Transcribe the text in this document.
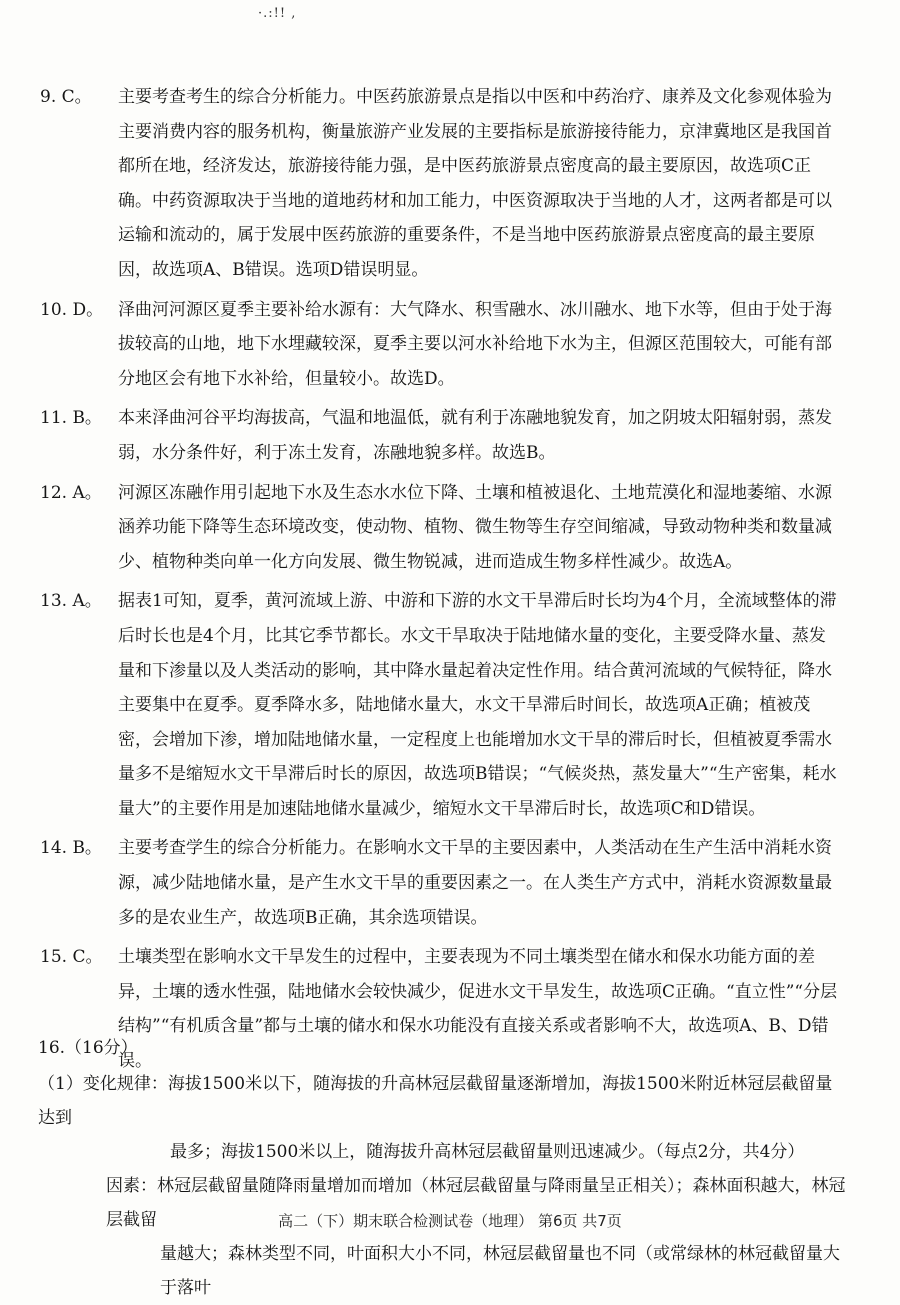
·.:!! ,

9. C。 主要考查考生的综合分析能力。中医药旅游景点是指以中医和中药治疗、康养及文化参观体验为主要消费内容的服务机构，衡量旅游产业发展的主要指标是旅游接待能力，京津冀地区是我国首都所在地，经济发达，旅游接待能力强，是中医药旅游景点密度高的最主要原因，故选项C正确。中药资源取决于当地的道地药材和加工能力，中医资源取决于当地的人才，这两者都是可以运输和流动的，属于发展中医药旅游的重要条件，不是当地中医药旅游景点密度高的最主要原因，故选项A、B错误。选项D错误明显。

10. D。 泽曲河河源区夏季主要补给水源有：大气降水、积雪融水、冰川融水、地下水等，但由于处于海拔较高的山地，地下水埋藏较深，夏季主要以河水补给地下水为主，但源区范围较大，可能有部分地区会有地下水补给，但量较小。故选D。

11. B。 本来泽曲河谷平均海拔高，气温和地温低，就有利于冻融地貌发育，加之阴坡太阳辐射弱，蒸发弱，水分条件好，利于冻土发育，冻融地貌多样。故选B。

12. A。 河源区冻融作用引起地下水及生态水水位下降、土壤和植被退化、土地荒漠化和湿地萎缩、水源涵养功能下降等生态环境改变，使动物、植物、微生物等生存空间缩减，导致动物种类和数量减少、植物种类向单一化方向发展、微生物锐减，进而造成生物多样性减少。故选A。

13. A。 据表1可知，夏季，黄河流域上游、中游和下游的水文干旱滞后时长均为4个月，全流域整体的滞后时长也是4个月，比其它季节都长。水文干旱取决于陆地储水量的变化，主要受降水量、蒸发量和下渗量以及人类活动的影响，其中降水量起着决定性作用。结合黄河流域的气候特征，降水主要集中在夏季。夏季降水多，陆地储水量大，水文干旱滞后时间长，故选项A正确；植被茂密，会增加下渗，增加陆地储水量，一定程度上也能增加水文干旱的滞后时长，但植被夏季需水量多不是缩短水文干旱滞后时长的原因，故选项B错误；“气候炎热，蒸发量大”“生产密集，耗水量大”的主要作用是加速陆地储水量减少，缩短水文干旱滞后时长，故选项C和D错误。

14. B。 主要考查学生的综合分析能力。在影响水文干旱的主要因素中，人类活动在生产生活中消耗水资源，减少陆地储水量，是产生水文干旱的重要因素之一。在人类生产方式中，消耗水资源数量最多的是农业生产，故选项B正确，其余选项错误。

15. C。 土壤类型在影响水文干旱发生的过程中，主要表现为不同土壤类型在储水和保水功能方面的差异，土壤的透水性强，陆地储水会较快减少，促进水文干旱发生，故选项C正确。“直立性”“分层结构”“有机质含量”都与土壤的储水和保水功能没有直接关系或者影响不大，故选项A、B、D错误。

16.（16分）

（1）变化规律：海拔1500米以下，随海拔的升高林冠层截留量逐渐增加，海拔1500米附近林冠层截留量达到
最多；海拔1500米以上，随海拔升高林冠层截留量则迅速减少。（每点2分，共4分）

因素：林冠层截留量随降雨量增加而增加（林冠层截留量与降雨量呈正相关）；森林面积越大，林冠层截留
量越大；森林类型不同，叶面积大小不同，林冠层截留量也不同（或常绿林的林冠截留量大于落叶

高二（下）期末联合检测试卷（地理） 第6页 共7页
